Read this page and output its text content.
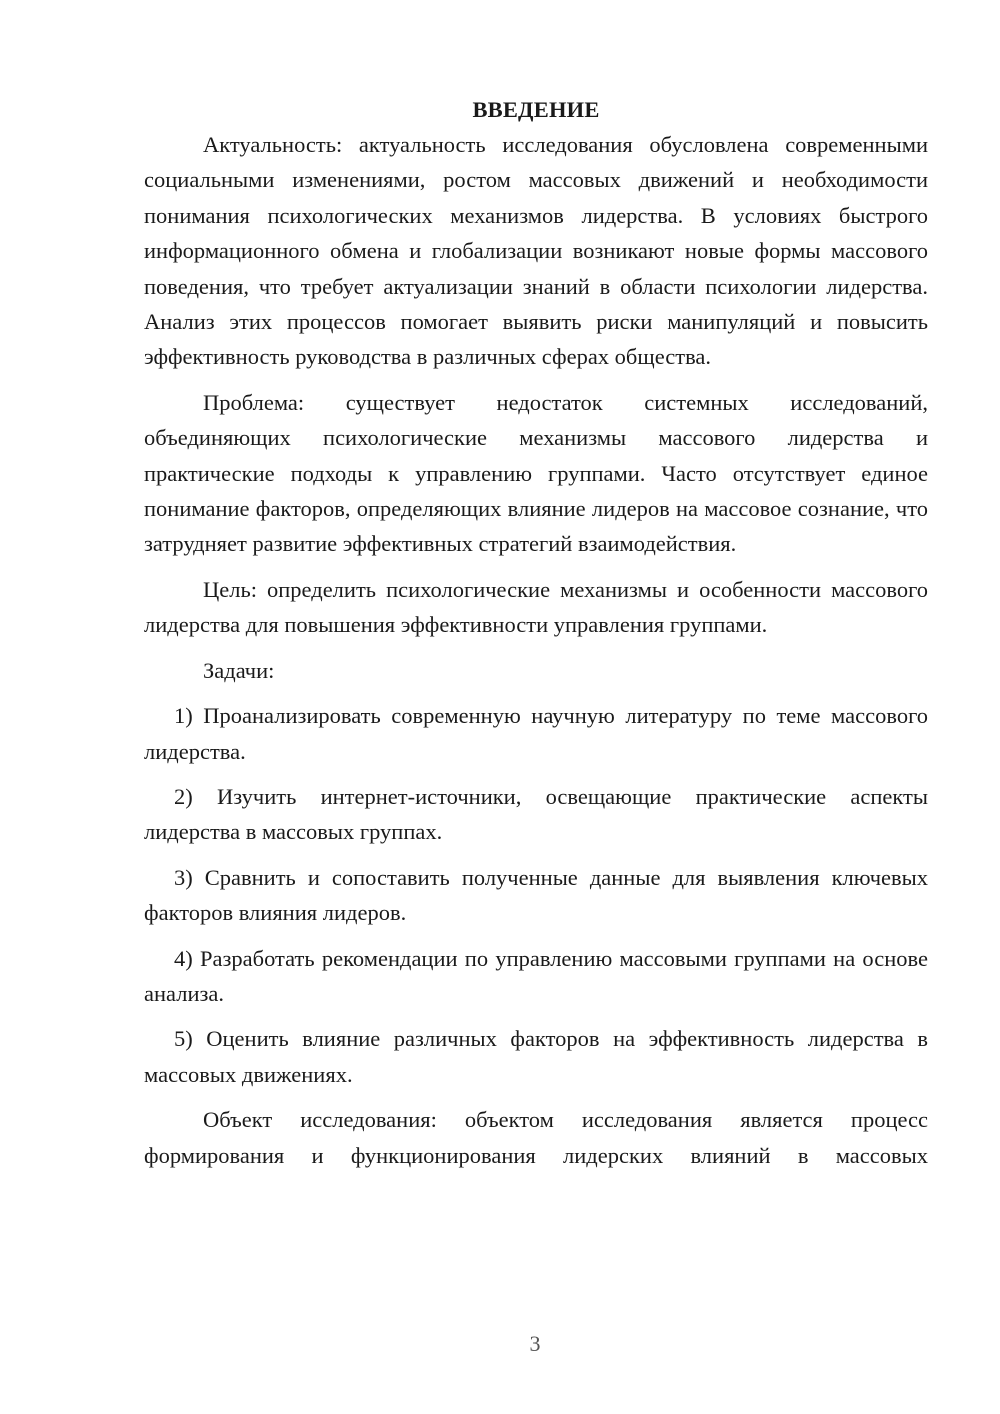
ВВЕДЕНИЕ

Актуальность: актуальность исследования обусловлена современными социальными изменениями, ростом массовых движений и необходимости понимания психологических механизмов лидерства. В условиях быстрого информационного обмена и глобализации возникают новые формы массового поведения, что требует актуализации знаний в области психологии лидерства. Анализ этих процессов помогает выявить риски манипуляций и повысить эффективность руководства в различных сферах общества.

Проблема: существует недостаток системных исследований, объединяющих психологические механизмы массового лидерства и практические подходы к управлению группами. Часто отсутствует единое понимание факторов, определяющих влияние лидеров на массовое сознание, что затрудняет развитие эффективных стратегий взаимодействия.

Цель: определить психологические механизмы и особенности массового лидерства для повышения эффективности управления группами.

Задачи:

1) Проанализировать современную научную литературу по теме массового лидерства.

2) Изучить интернет-источники, освещающие практические аспекты лидерства в массовых группах.

3) Сравнить и сопоставить полученные данные для выявления ключевых факторов влияния лидеров.

4) Разработать рекомендации по управлению массовыми группами на основе анализа.

5) Оценить влияние различных факторов на эффективность лидерства в массовых движениях.

Объект исследования: объектом исследования является процесс формирования и функционирования лидерских влияний в массовых

3
